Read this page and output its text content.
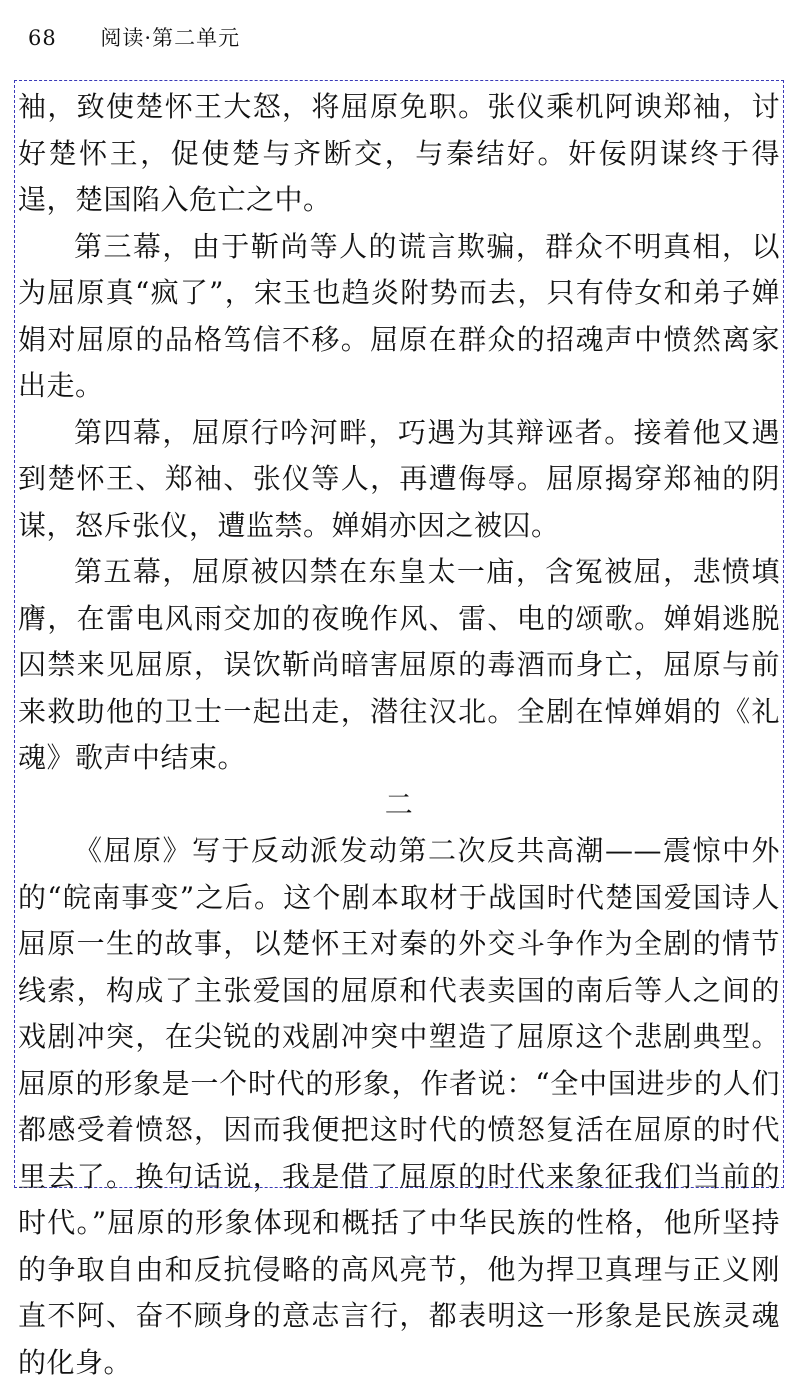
68 阅读·第二单元

袖，致使楚怀王大怒，将屈原免职。张仪乘机阿谀郑袖，讨好楚怀王，促使楚与齐断交，与秦结好。奸佞阴谋终于得逞，楚国陷入危亡之中。

第三幕，由于靳尚等人的谎言欺骗，群众不明真相，以为屈原真“疯了”，宋玉也趋炎附势而去，只有侍女和弟子婵娟对屈原的品格笃信不移。屈原在群众的招魂声中愤然离家出走。

第四幕，屈原行吟河畔，巧遇为其辩诬者。接着他又遇到楚怀王、郑袖、张仪等人，再遭侮辱。屈原揭穿郑袖的阴谋，怒斥张仪，遭监禁。婵娟亦因之被囚。

第五幕，屈原被囚禁在东皇太一庙，含冤被屈，悲愤填膺，在雷电风雨交加的夜晚作风、雷、电的颂歌。婵娟逃脱囚禁来见屈原，误饮靳尚暗害屈原的毒酒而身亡，屈原与前来救助他的卫士一起出走，潜往汉北。全剧在悼婵娟的《礼魂》歌声中结束。

二

《屈原》写于反动派发动第二次反共高潮——震惊中外的“皖南事变”之后。这个剧本取材于战国时代楚国爱国诗人屈原一生的故事，以楚怀王对秦的外交斗争作为全剧的情节线索，构成了主张爱国的屈原和代表卖国的南后等人之间的戏剧冲突，在尖锐的戏剧冲突中塑造了屈原这个悲剧典型。屈原的形象是一个时代的形象，作者说：“全中国进步的人们都感受着愤怒，因而我便把这时代的愤怒复活在屈原的时代里去了。换句话说，我是借了屈原的时代来象征我们当前的时代。”屈原的形象体现和概括了中华民族的性格，他所坚持的争取自由和反抗侵略的高风亮节，他为捍卫真理与正义刚直不阿、奋不顾身的意志言行，都表明这一形象是民族灵魂的化身。
